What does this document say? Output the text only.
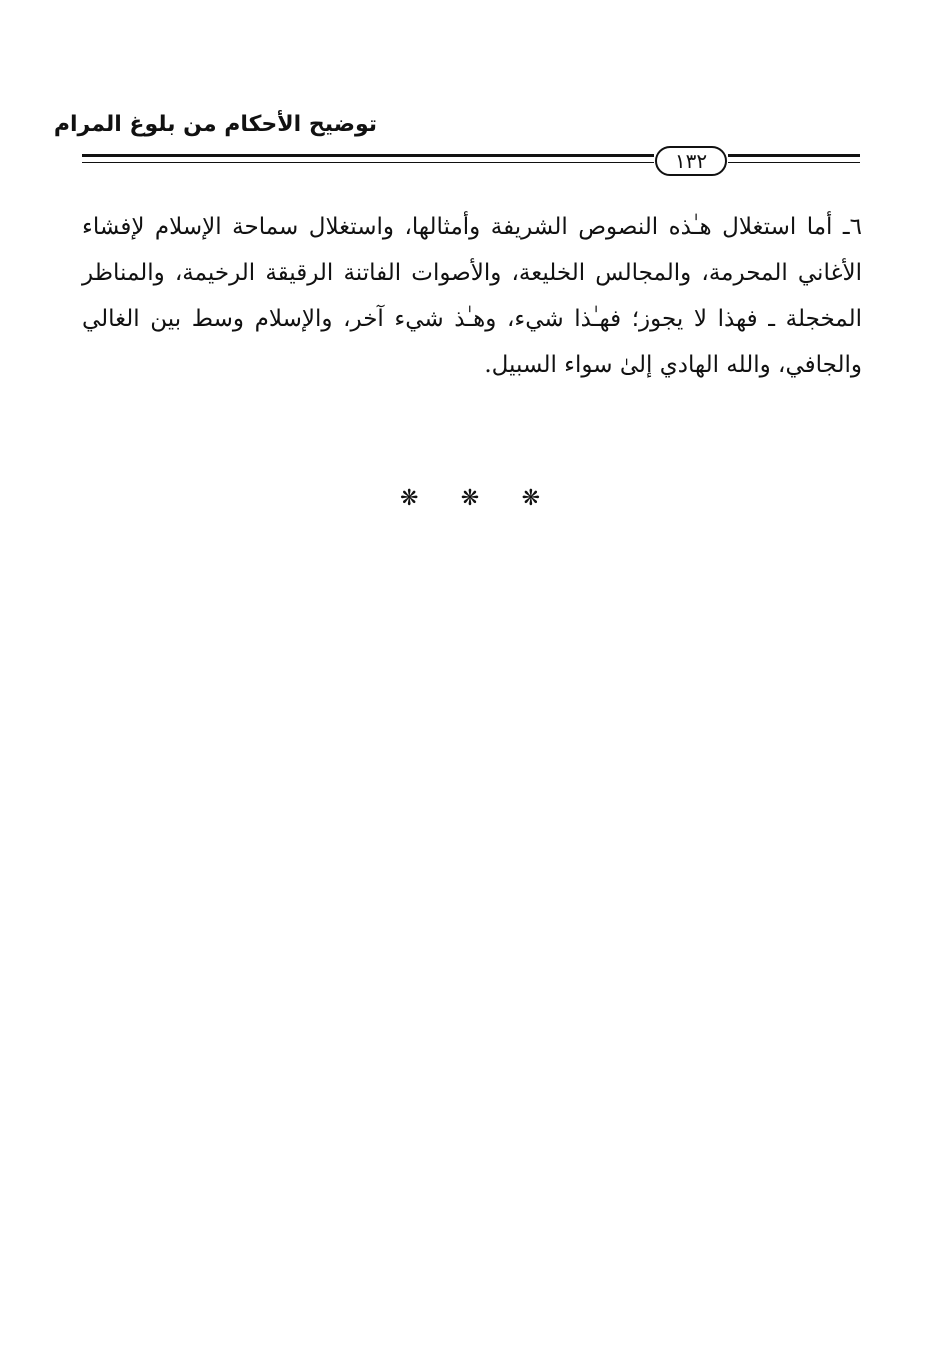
توضيح الأحكام من بلوغ المرام
١٣٢

٦ـ أما استغلال هـٰذه النصوص الشريفة وأمثالها، واستغلال سماحة الإسلام لإفشاء الأغاني المحرمة، والمجالس الخليعة، والأصوات الفاتنة الرقيقة الرخيمة، والمناظر المخجلة ـ فهذا لا يجوز؛ فهـٰذا شيء، وهـٰذ شيء آخر، والإسلام وسط بين الغالي والجافي، والله الهادي إلىٰ سواء السبيل.

❋ ❋ ❋
